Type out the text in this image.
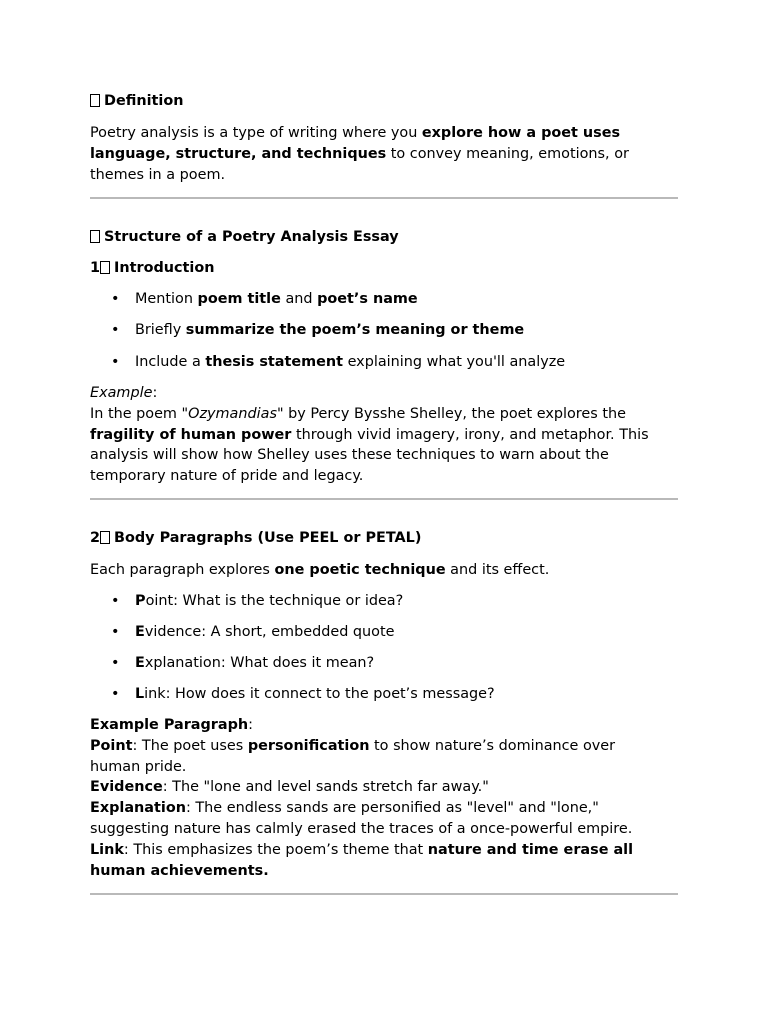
Definition
Poetry analysis is a type of writing where you explore how a poet uses
language, structure, and techniques to convey meaning, emotions, or
themes in a poem.
Structure of a Poetry Analysis Essay
1 Introduction
• Mention poem title and poet’s name
• Briefly summarize the poem’s meaning or theme
• Include a thesis statement explaining what you'll analyze
Example:
In the poem "Ozymandias" by Percy Bysshe Shelley, the poet explores the
fragility of human power through vivid imagery, irony, and metaphor. This
analysis will show how Shelley uses these techniques to warn about the
temporary nature of pride and legacy.
2 Body Paragraphs (Use PEEL or PETAL)
Each paragraph explores one poetic technique and its effect.
• Point: What is the technique or idea?
• Evidence: A short, embedded quote
• Explanation: What does it mean?
• Link: How does it connect to the poet’s message?
Example Paragraph:
Point: The poet uses personification to show nature’s dominance over
human pride.
Evidence: The "lone and level sands stretch far away."
Explanation: The endless sands are personified as "level" and "lone,"
suggesting nature has calmly erased the traces of a once-powerful empire.
Link: This emphasizes the poem’s theme that nature and time erase all
human achievements.
